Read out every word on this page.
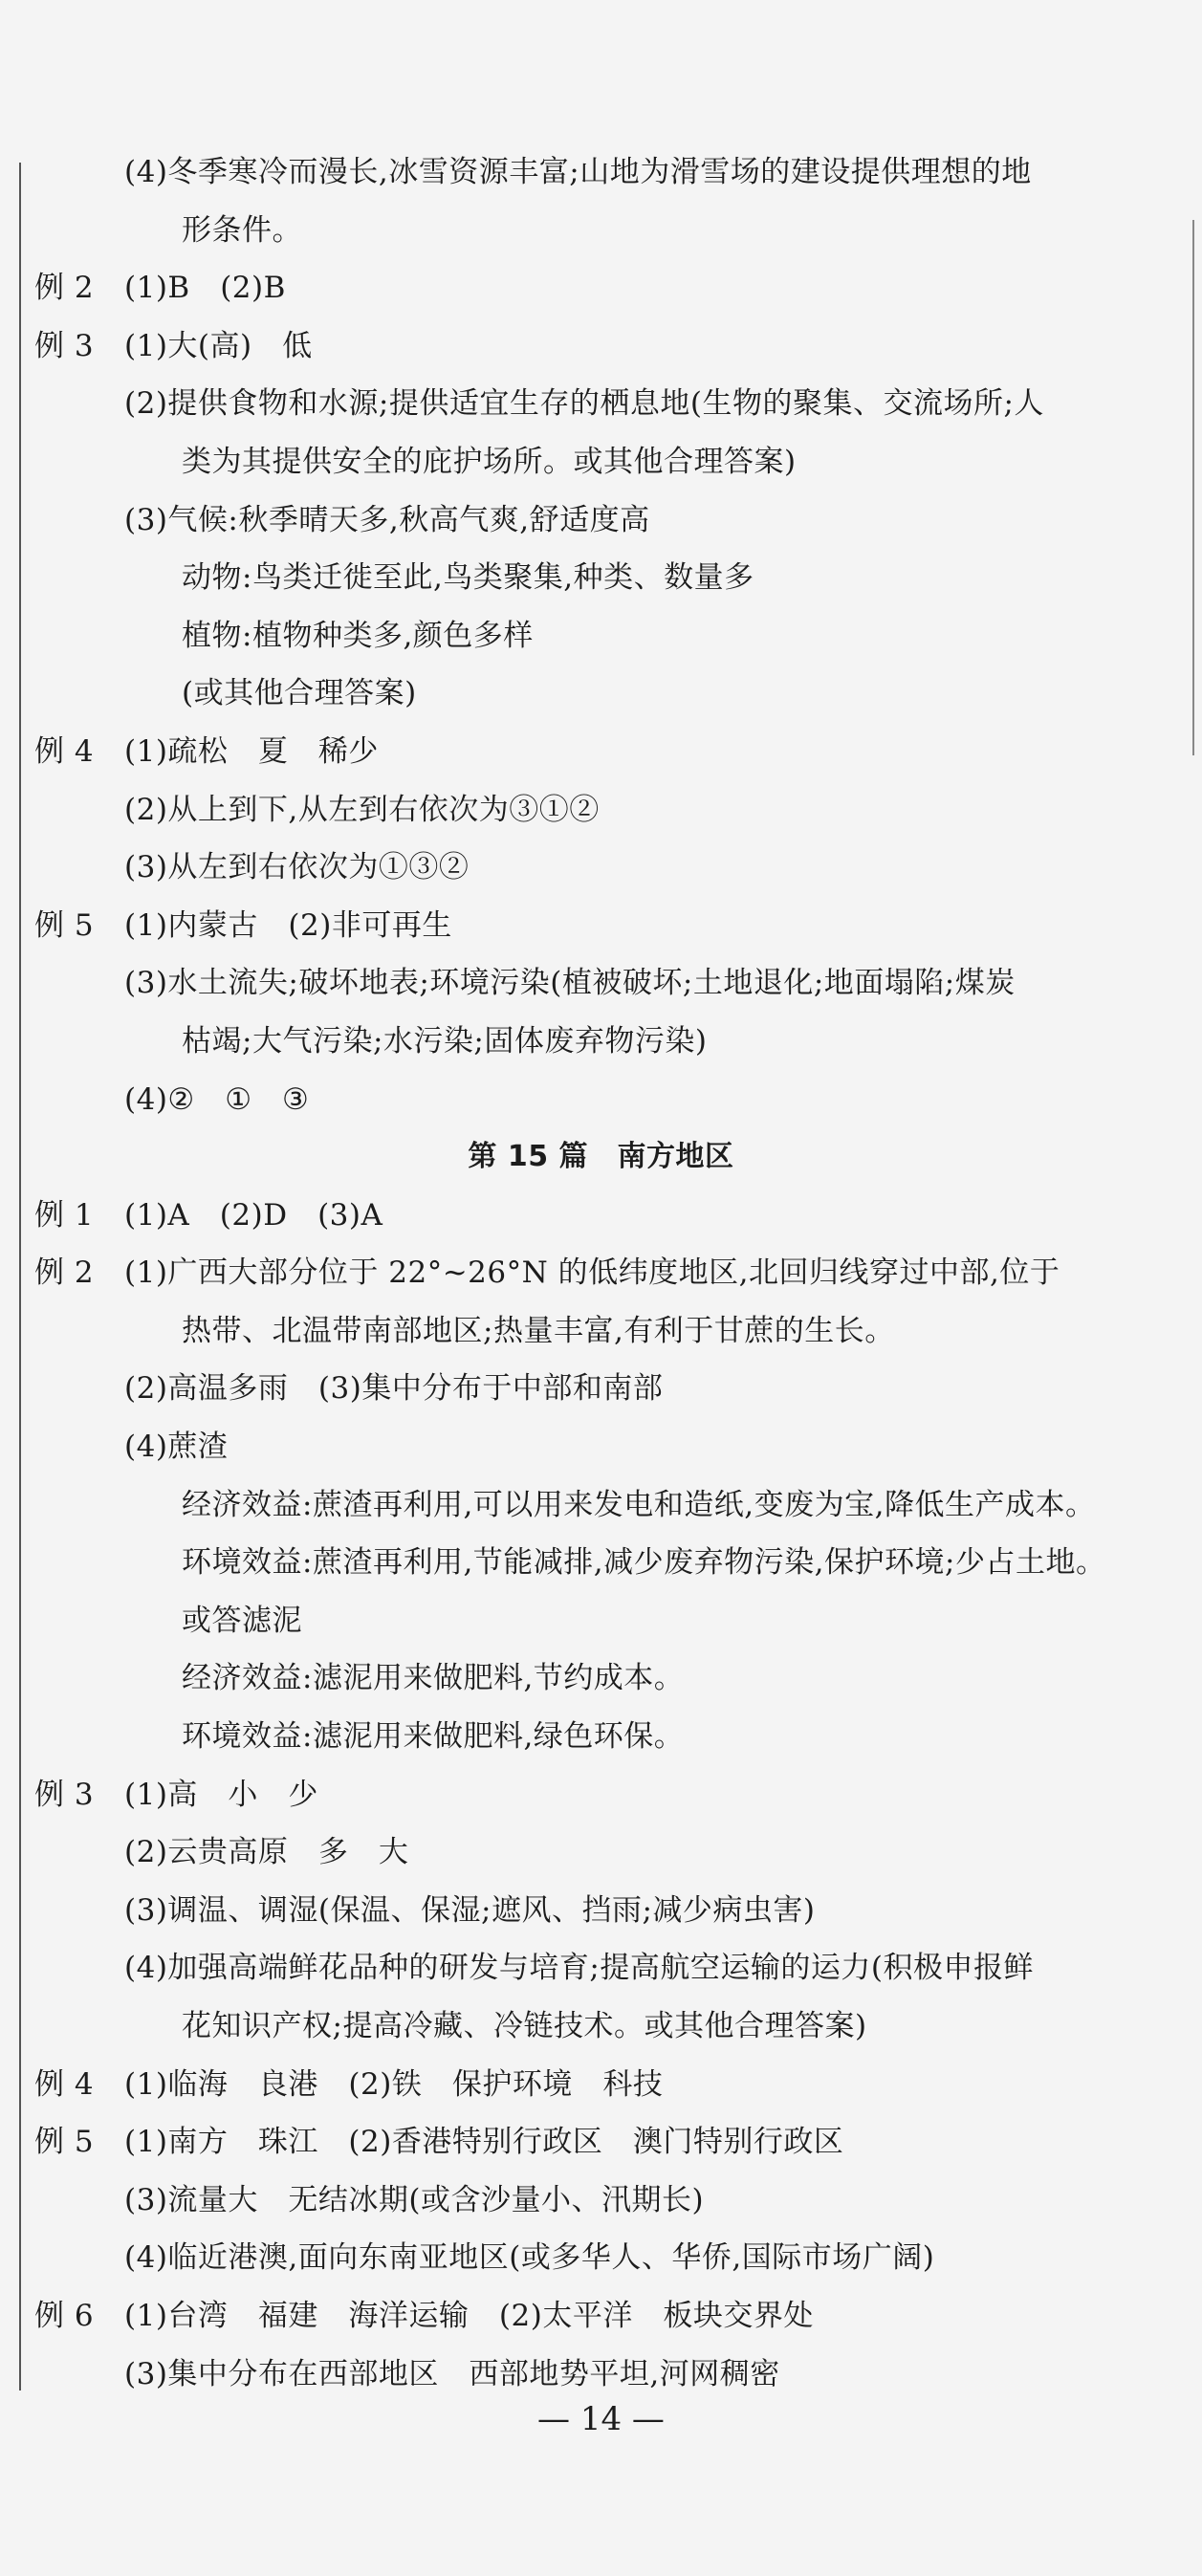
(4)冬季寒冷而漫长,冰雪资源丰富;山地为滑雪场的建设提供理想的地
形条件。
例 2 (1)B　(2)B
例 3 (1)大(高)　低
(2)提供食物和水源;提供适宜生存的栖息地(生物的聚集、交流场所;人
类为其提供安全的庇护场所。或其他合理答案)
(3)气候:秋季晴天多,秋高气爽,舒适度高
动物:鸟类迁徙至此,鸟类聚集,种类、数量多
植物:植物种类多,颜色多样
(或其他合理答案)
例 4 (1)疏松　夏　稀少
(2)从上到下,从左到右依次为③①②
(3)从左到右依次为①③②
例 5 (1)内蒙古　(2)非可再生
(3)水土流失;破坏地表;环境污染(植被破坏;土地退化;地面塌陷;煤炭
枯竭;大气污染;水污染;固体废弃物污染)
(4)②　①　③
第 15 篇　南方地区
例 1 (1)A　(2)D　(3)A
例 2 (1)广西大部分位于 22°~26°N 的低纬度地区,北回归线穿过中部,位于
热带、北温带南部地区;热量丰富,有利于甘蔗的生长。
(2)高温多雨　(3)集中分布于中部和南部
(4)蔗渣
经济效益:蔗渣再利用,可以用来发电和造纸,变废为宝,降低生产成本。
环境效益:蔗渣再利用,节能减排,减少废弃物污染,保护环境;少占土地。
或答滤泥
经济效益:滤泥用来做肥料,节约成本。
环境效益:滤泥用来做肥料,绿色环保。
例 3 (1)高　小　少
(2)云贵高原　多　大
(3)调温、调湿(保温、保湿;遮风、挡雨;减少病虫害)
(4)加强高端鲜花品种的研发与培育;提高航空运输的运力(积极申报鲜
花知识产权;提高冷藏、冷链技术。或其他合理答案)
例 4 (1)临海　良港　(2)铁　保护环境　科技
例 5 (1)南方　珠江　(2)香港特别行政区　澳门特别行政区
(3)流量大　无结冰期(或含沙量小、汛期长)
(4)临近港澳,面向东南亚地区(或多华人、华侨,国际市场广阔)
例 6 (1)台湾　福建　海洋运输　(2)太平洋　板块交界处
(3)集中分布在西部地区　西部地势平坦,河网稠密
— 14 —
